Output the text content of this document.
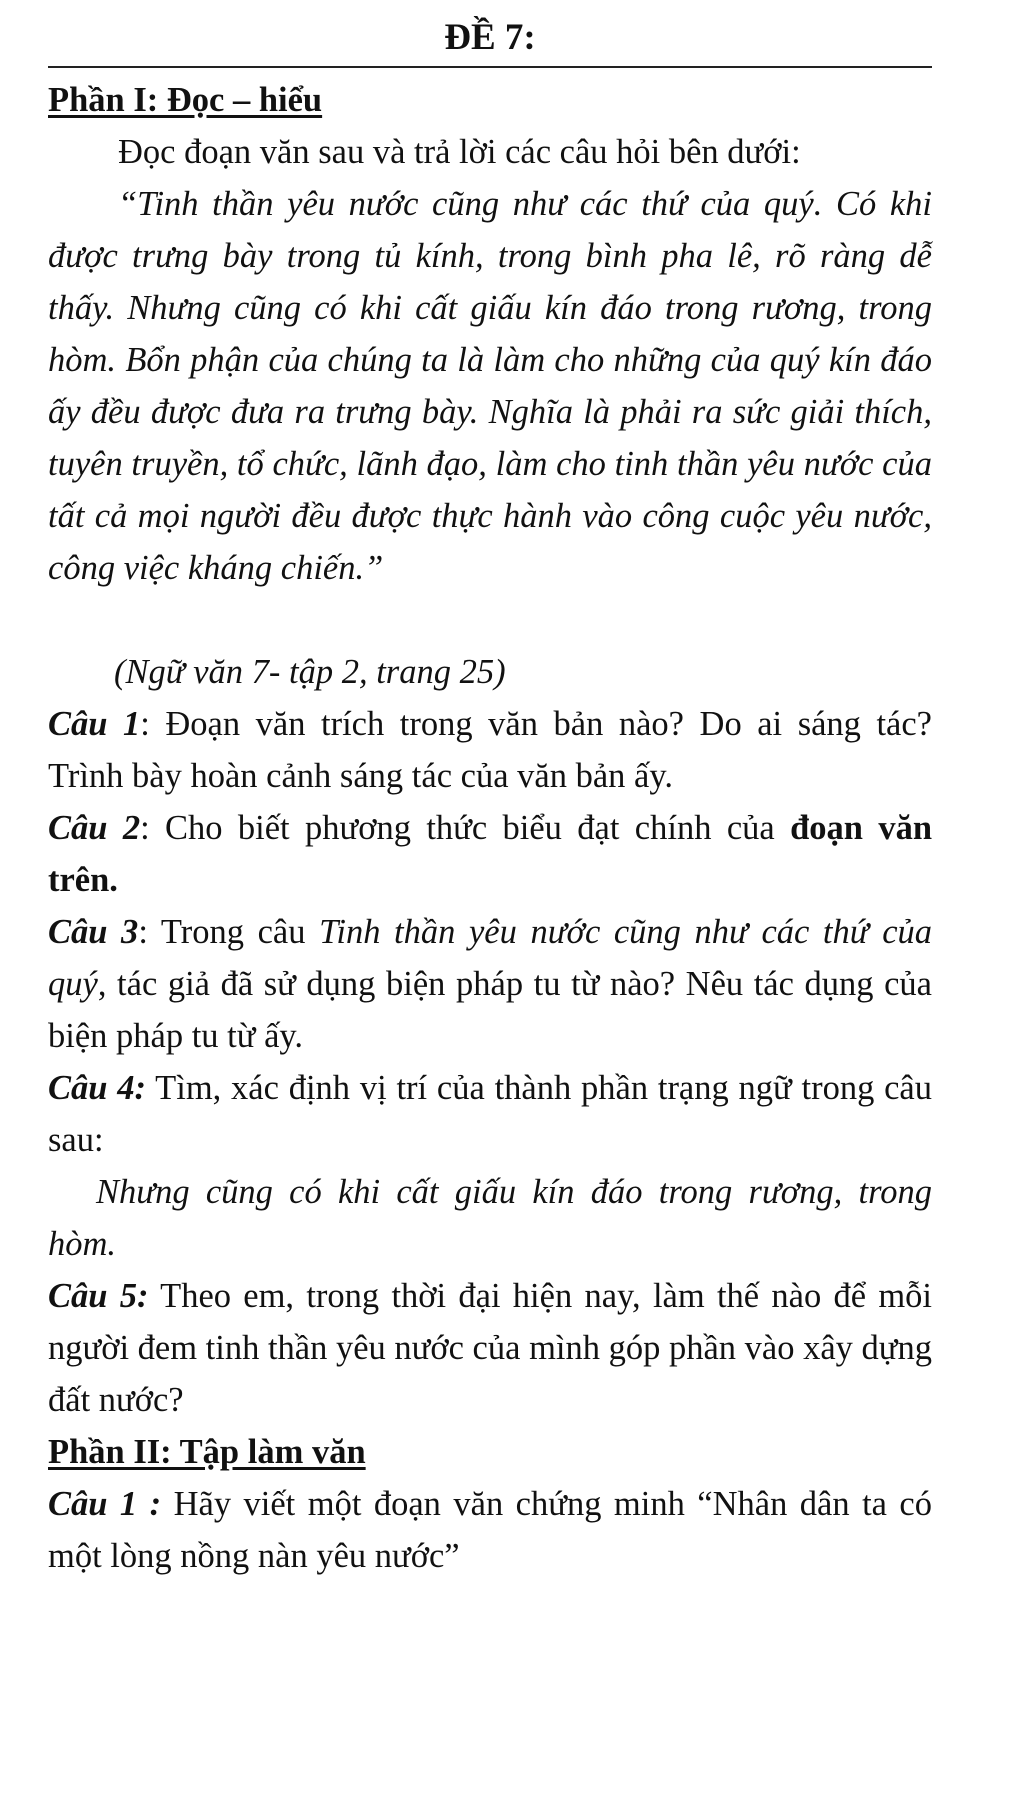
ĐỀ 7:

Phần I: Đọc – hiểu

Đọc đoạn văn sau và trả lời các câu hỏi bên dưới:

“Tinh thần yêu nước cũng như các thứ của quý. Có khi được trưng bày trong tủ kính, trong bình pha lê, rõ ràng dễ thấy. Nhưng cũng có khi cất giấu kín đáo trong rương, trong hòm. Bổn phận của chúng ta là làm cho những của quý kín đáo ấy đều được đưa ra trưng bày. Nghĩa là phải ra sức giải thích, tuyên truyền, tổ chức, lãnh đạo, làm cho tinh thần yêu nước của tất cả mọi người đều được thực hành vào công cuộc yêu nước, công việc kháng chiến.”

(Ngữ văn 7- tập 2, trang 25)

Câu 1: Đoạn văn trích trong văn bản nào? Do ai sáng tác? Trình bày hoàn cảnh sáng tác của văn bản ấy.

Câu 2: Cho biết phương thức biểu đạt chính của đoạn văn trên.

Câu 3: Trong câu Tinh thần yêu nước cũng như các thứ của quý, tác giả đã sử dụng biện pháp tu từ nào? Nêu tác dụng của biện pháp tu từ ấy.

Câu 4: Tìm, xác định vị trí của thành phần trạng ngữ trong câu sau:

Nhưng cũng có khi cất giấu kín đáo trong rương, trong hòm.

Câu 5: Theo em, trong thời đại hiện nay, làm thế nào để mỗi người đem tinh thần yêu nước của mình góp phần vào xây dựng đất nước?

Phần II: Tập làm văn

Câu 1 : Hãy viết một đoạn văn chứng minh “Nhân dân ta có một lòng nồng nàn yêu nước”
